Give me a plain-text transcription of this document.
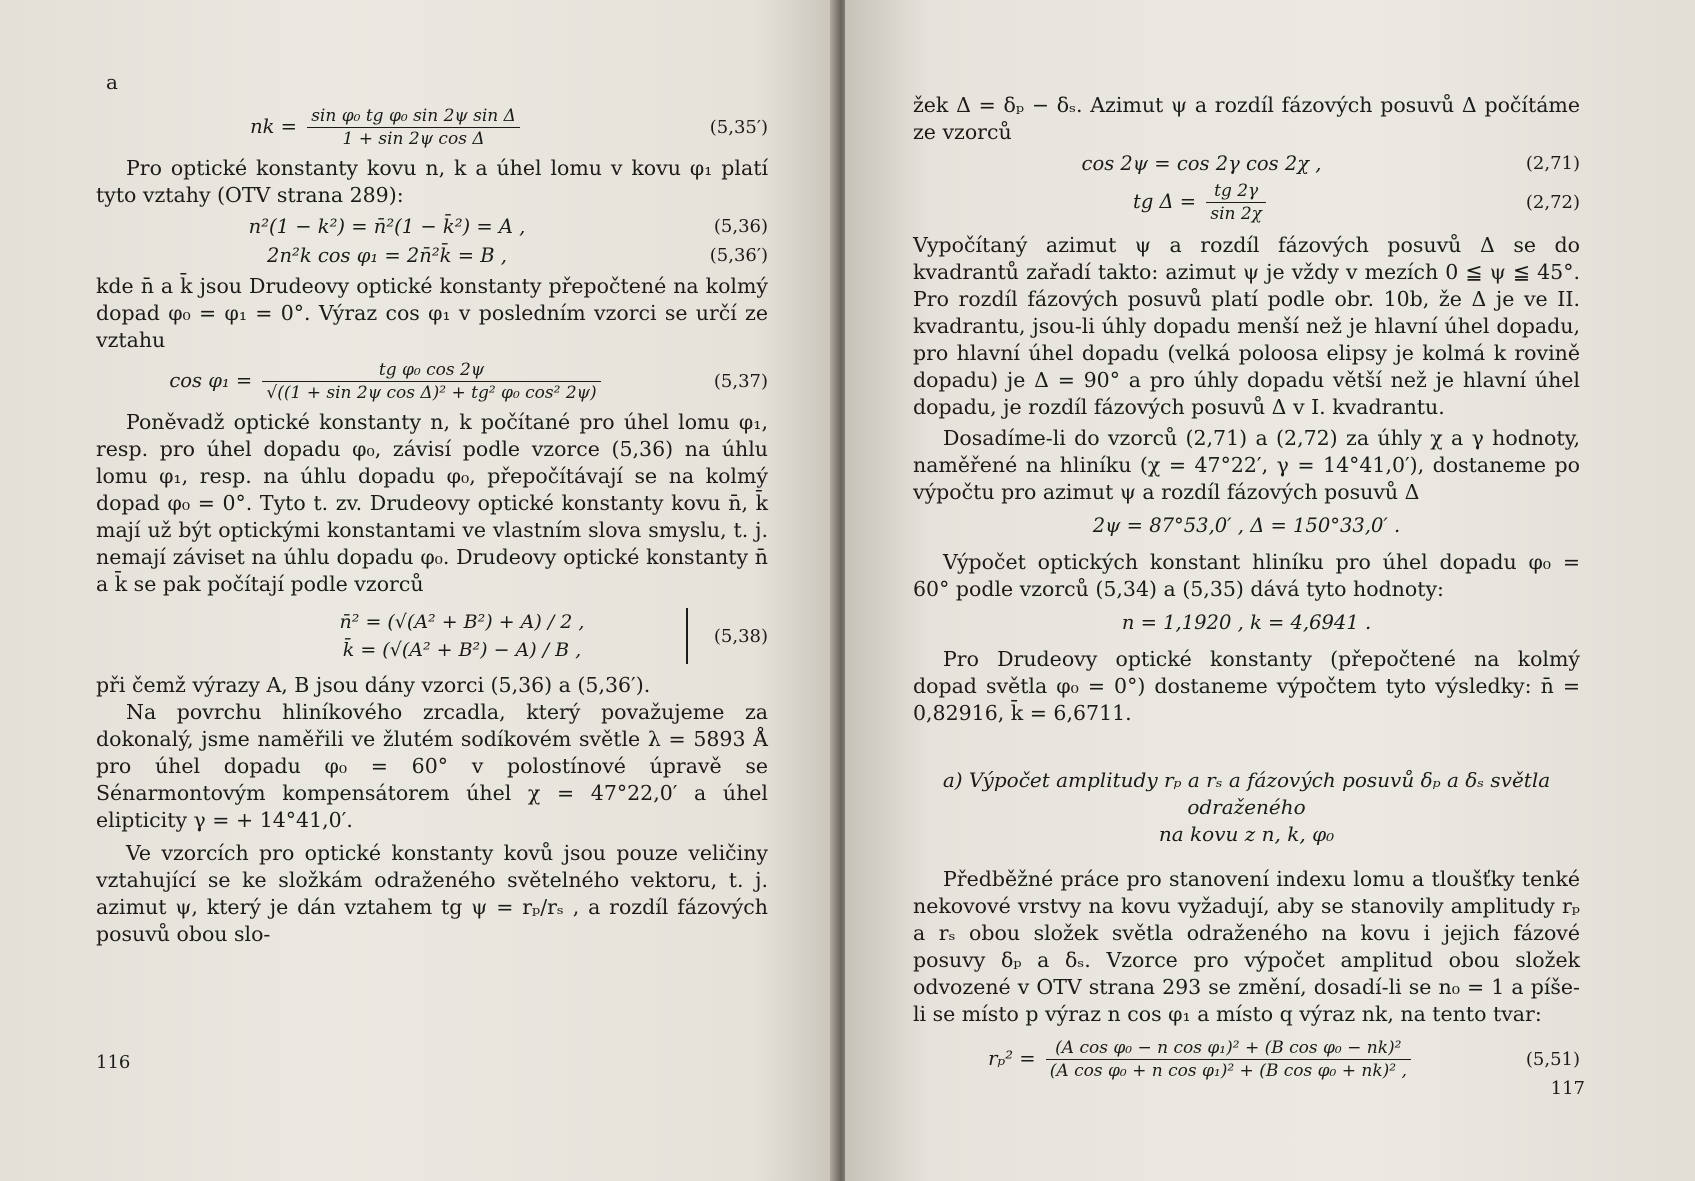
a
nk = $\frac{\text{sin φ₀ tg φ₀ sin 2ψ sin Δ}}{\text{1 + sin 2ψ cos Δ}}$	(5,35′)

Pro optické konstanty kovu n, k a úhel lomu v kovu φ₁ platí tyto vztahy (OTV strana 289):

n²(1 − k²) = n̄²(1 − k̄²) = A ,	(5,36)
2n²k cos φ₁ = 2n̄²k̄ = B ,	(5,36′)

kde n̄ a k̄ jsou Drudeovy optické konstanty přepočtené na kolmý dopad φ₀ = φ₁ = 0°. Výraz cos φ₁ v posledním vzorci se určí ze vztahu

$\cos \varphi_1 = \frac{\text{tg φ₀ cos 2ψ}}{\text{√((1 + sin 2ψ cos Δ)² + tg² φ₀ cos² 2ψ)}}$	(5,37)

Poněvadž optické konstanty n, k počítané pro úhel lomu φ₁, resp. pro úhel dopadu φ₀, závisí podle vzorce (5,36) na úhlu lomu φ₁, resp. na úhlu dopadu φ₀, přepočítávají se na kolmý dopad φ₀ = 0°. Tyto t. zv. Drudeovy optické konstanty kovu n̄, k̄ mají už být optickými konstantami ve vlastním slova smyslu, t. j. nemají záviset na úhlu dopadu φ₀. Drudeovy optické konstanty n̄ a k̄ se pak počítají podle vzorců

n̄² = (√(A² + B²) + A) / 2 ,
k̄ = (√(A² + B²) − A) / B ,
(5,38)

při čemž výrazy A, B jsou dány vzorci (5,36) a (5,36′).

Na povrchu hliníkového zrcadla, který považujeme za dokonalý, jsme naměřili ve žlutém sodíkovém světle λ = 5893 Å pro úhel dopadu φ₀ = 60° v polostínové úpravě se Sénarmontovým kompensátorem úhel χ = 47°22,0′ a úhel elipticity γ = + 14°41,0′.

Ve vzorcích pro optické konstanty kovů jsou pouze veličiny vztahující se ke složkám odraženého světelného vektoru, t. j. azimut ψ, který je dán vztahem tg ψ = rₚ/rₛ , a rozdíl fázových posuvů obou slo-

116

žek Δ = δₚ − δₛ. Azimut ψ a rozdíl fázových posuvů Δ počítáme ze vzorců

cos 2ψ = cos 2γ cos 2χ ,	(2,71)
tg $\Delta = \frac{tg 2\gamma}{\sin 2\chi}$	(2,72)

Vypočítaný azimut ψ a rozdíl fázových posuvů Δ se do kvadrantů zařadí takto: azimut ψ je vždy v mezích 0 ≦ ψ ≦ 45°. Pro rozdíl fázových posuvů platí podle obr. 10b, že Δ je ve II. kvadrantu, jsou-li úhly dopadu menší než je hlavní úhel dopadu, pro hlavní úhel dopadu (velká poloosa elipsy je kolmá k rovině dopadu) je Δ = 90° a pro úhly dopadu větší než je hlavní úhel dopadu, je rozdíl fázových posuvů Δ v I. kvadrantu.

Dosadíme-li do vzorců (2,71) a (2,72) za úhly χ a γ hodnoty, naměřené na hliníku (χ = 47°22′, γ = 14°41,0′), dostaneme po výpočtu pro azimut ψ a rozdíl fázových posuvů Δ

2ψ = 87°53,0′ , Δ = 150°33,0′ .

Výpočet optických konstant hliníku pro úhel dopadu φ₀ = 60° podle vzorců (5,34) a (5,35) dává tyto hodnoty:

n = 1,1920 , k = 4,6941 .

Pro Drudeovy optické konstanty (přepočtené na kolmý dopad světla φ₀ = 0°) dostaneme výpočtem tyto výsledky: n̄ = 0,82916, k̄ = 6,6711.

a) Výpočet amplitudy rₚ a rₛ a fázových posuvů δₚ a δₛ světla odraženého
na kovu z n, k, φ₀

Předběžné práce pro stanovení indexu lomu a tloušťky tenké nekovové vrstvy na kovu vyžadují, aby se stanovily amplitudy rₚ a rₛ obou složek světla odraženého na kovu i jejich fázové posuvy δₚ a δₛ. Vzorce pro výpočet amplitud obou složek odvozené v OTV strana 293 se změní, dosadí-li se n₀ = 1 a píše-li se místo p výraz n cos φ₁ a místo q výraz nk, na tento tvar:

$r_p^2 = \frac{\text{(A cos φ₀ − n cos φ₁)² + (B cos φ₀ − nk)²}}{\text{(A cos φ₀ + n cos φ₁)² + (B cos φ₀ + nk)² ,}}$	(5,51)
117
